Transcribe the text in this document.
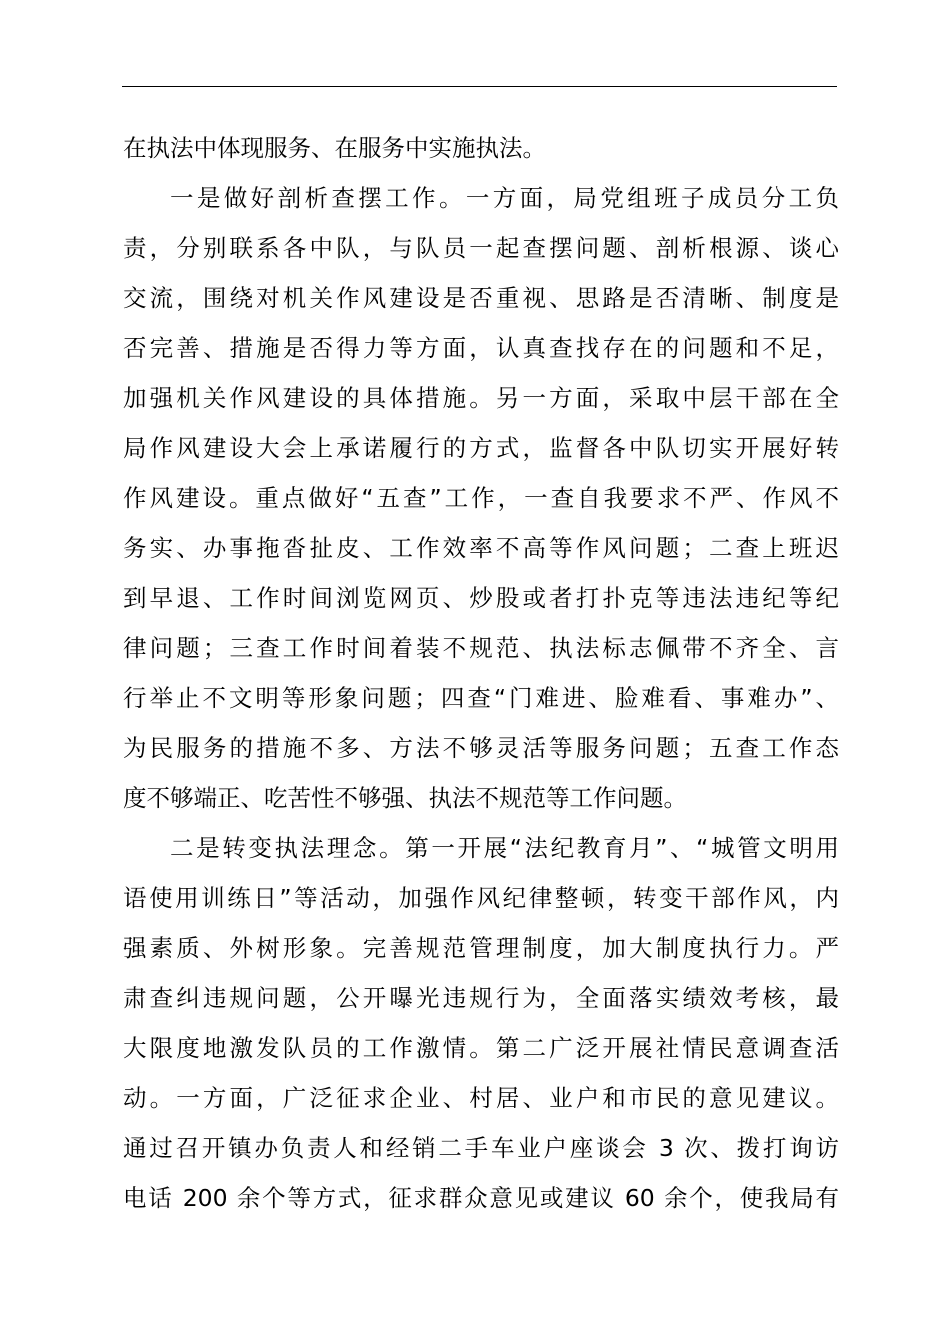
在执法中体现服务、在服务中实施执法。
一是做好剖析查摆工作。一方面，局党组班子成员分工负
责，分别联系各中队，与队员一起查摆问题、剖析根源、谈心
交流，围绕对机关作风建设是否重视、思路是否清晰、制度是
否完善、措施是否得力等方面，认真查找存在的问题和不足，
加强机关作风建设的具体措施。另一方面，采取中层干部在全
局作风建设大会上承诺履行的方式，监督各中队切实开展好转
作风建设。重点做好“五查”工作，一查自我要求不严、作风不
务实、办事拖沓扯皮、工作效率不高等作风问题；二查上班迟
到早退、工作时间浏览网页、炒股或者打扑克等违法违纪等纪
律问题；三查工作时间着装不规范、执法标志佩带不齐全、言
行举止不文明等形象问题；四查“门难进、脸难看、事难办”、
为民服务的措施不多、方法不够灵活等服务问题；五查工作态
度不够端正、吃苦性不够强、执法不规范等工作问题。
二是转变执法理念。第一开展“法纪教育月”、“城管文明用
语使用训练日”等活动，加强作风纪律整顿，转变干部作风，内
强素质、外树形象。完善规范管理制度，加大制度执行力。严
肃查纠违规问题，公开曝光违规行为，全面落实绩效考核，最
大限度地激发队员的工作激情。第二广泛开展社情民意调查活
动。一方面，广泛征求企业、村居、业户和市民的意见建议。
通过召开镇办负责人和经销二手车业户座谈会 3 次、拨打询访
电话 200 余个等方式，征求群众意见或建议 60 余个，使我局有
